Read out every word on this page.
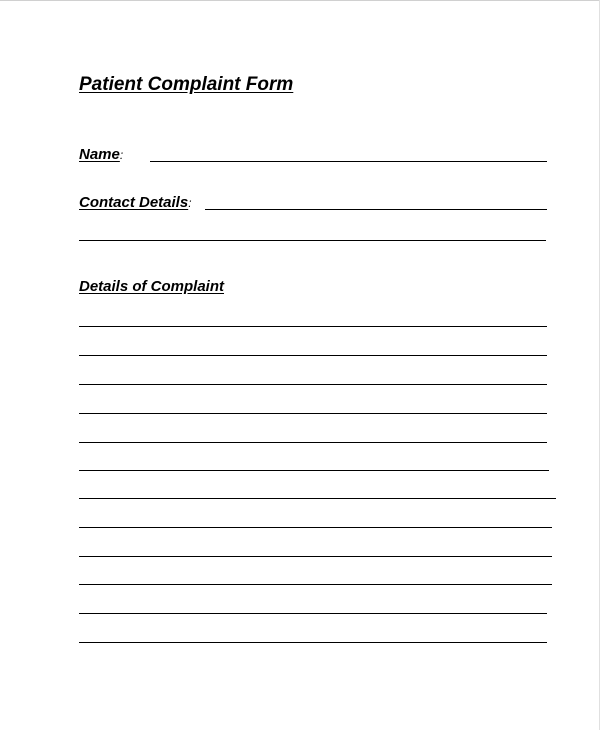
Patient Complaint Form
Name:
Contact Details:
Details of Complaint
